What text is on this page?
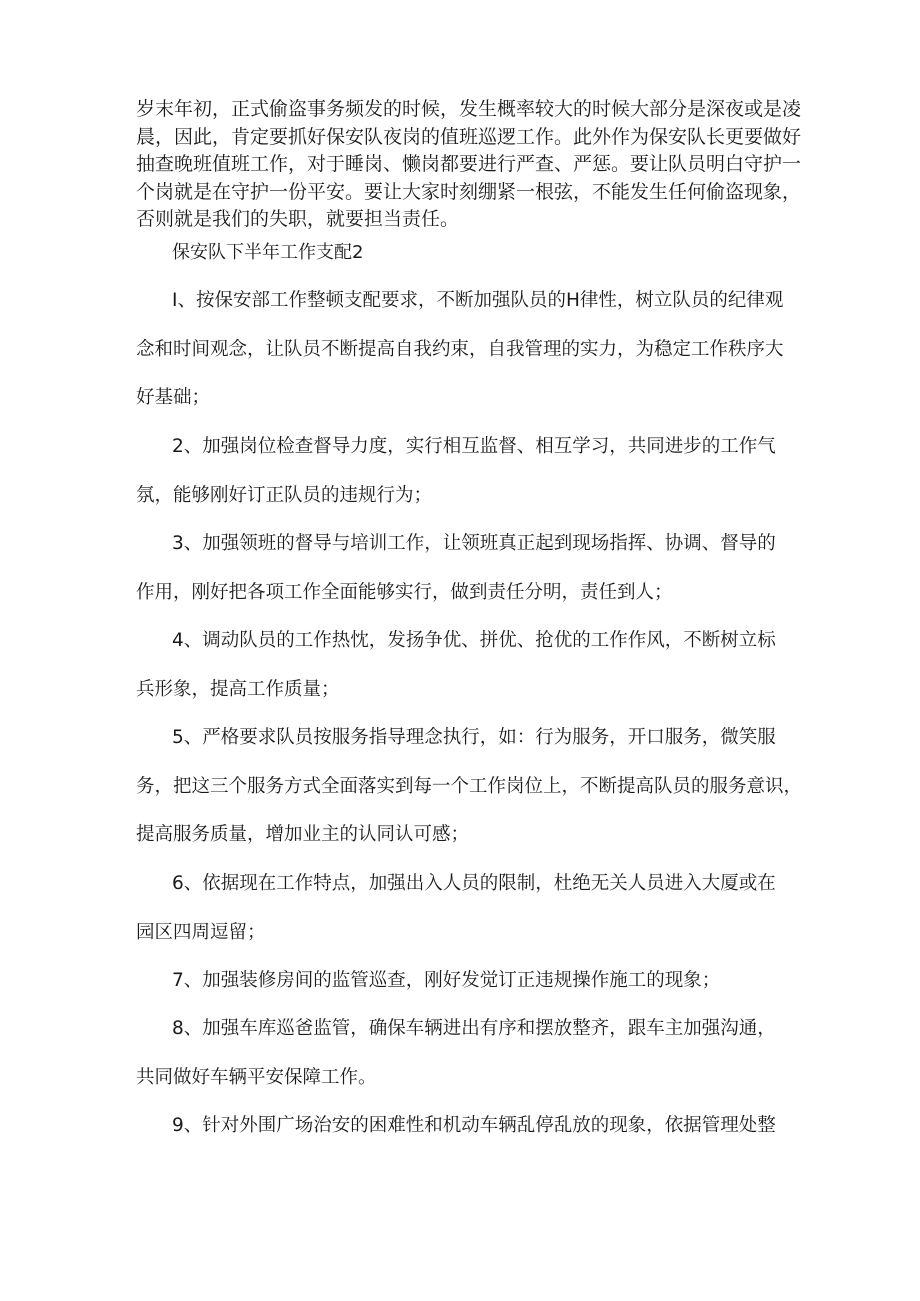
岁末年初，正式偷盗事务频发的时候，发生概率较大的时候大部分是深夜或是凌
晨，因此，肯定要抓好保安队夜岗的值班巡逻工作。此外作为保安队长更要做好
抽查晚班值班工作，对于睡岗、懒岗都要进行严查、严惩。要让队员明白守护一
个岗就是在守护一份平安。要让大家时刻绷紧一根弦，不能发生任何偷盗现象，
否则就是我们的失职，就要担当责任。

保安队下半年工作支配2

I、按保安部工作整顿支配要求，不断加强队员的H律性，树立队员的纪律观
念和时间观念，让队员不断提高自我约束，自我管理的实力，为稳定工作秩序大
好基础；

2、加强岗位检查督导力度，实行相互监督、相互学习，共同进步的工作气
氛，能够刚好订正队员的违规行为；

3、加强领班的督导与培训工作，让领班真正起到现场指挥、协调、督导的
作用，刚好把各项工作全面能够实行，做到责任分明，责任到人；

4、调动队员的工作热忱，发扬争优、拼优、抢优的工作作风，不断树立标
兵形象，提高工作质量；

5、严格要求队员按服务指导理念执行，如：行为服务，开口服务，微笑服
务，把这三个服务方式全面落实到每一个工作岗位上，不断提高队员的服务意识，
提高服务质量，增加业主的认同认可感；

6、依据现在工作特点，加强出入人员的限制，杜绝无关人员进入大厦或在
园区四周逗留；

7、加强装修房间的监管巡查，刚好发觉订正违规操作施工的现象；

8、加强车库巡爸监管，确保车辆进出有序和摆放整齐，跟车主加强沟通，
共同做好车辆平安保障工作。

9、针对外围广场治安的困难性和机动车辆乱停乱放的现象，依据管理处整
